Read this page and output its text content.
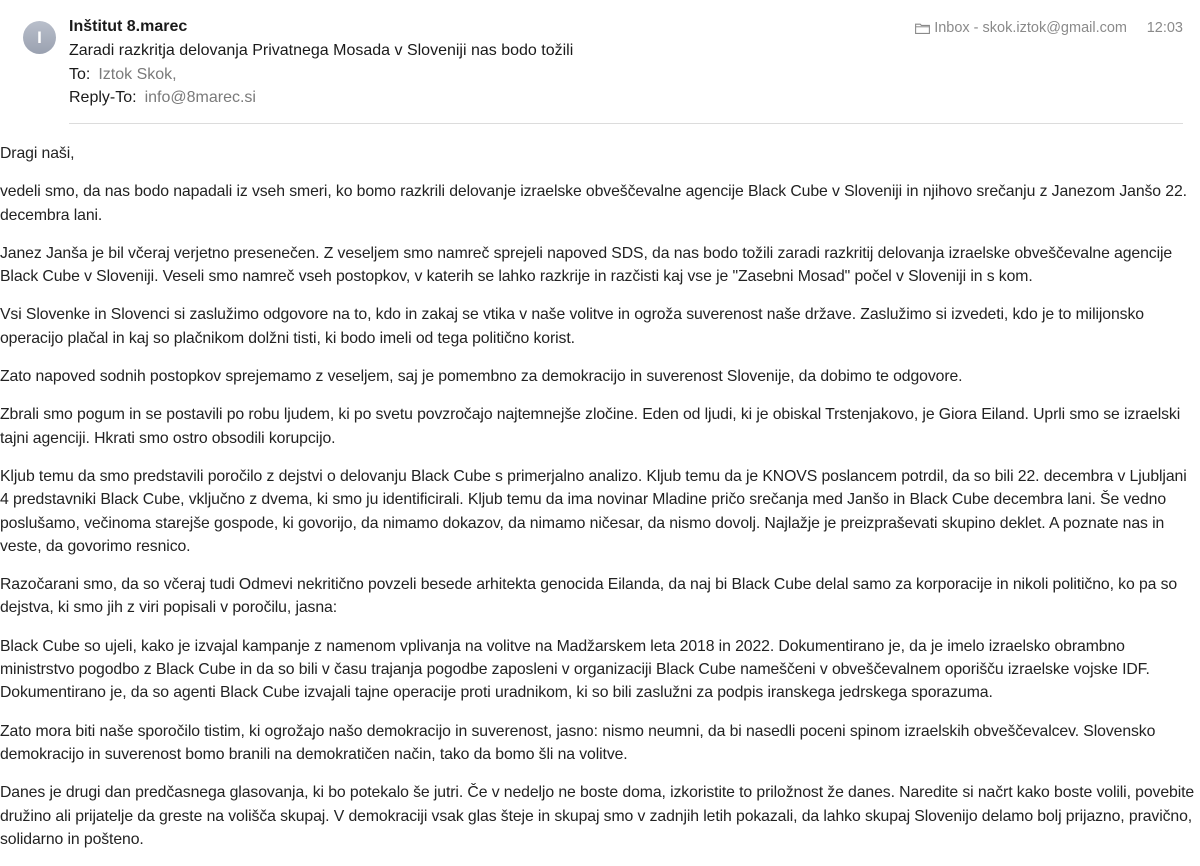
I
Inštitut 8.marec
Zaradi razkritja delovanja Privatnega Mosada v Sloveniji nas bodo tožili
To: Iztok Skok,
Reply-To: info@8marec.si
Inbox - skok.iztok@gmail.com 12:03

Dragi naši,

vedeli smo, da nas bodo napadali iz vseh smeri, ko bomo razkrili delovanje izraelske obveščevalne agencije Black Cube v Sloveniji in njihovo srečanju z Janezom Janšo 22. decembra lani.

Janez Janša je bil včeraj verjetno presenečen. Z veseljem smo namreč sprejeli napoved SDS, da nas bodo tožili zaradi razkritij delovanja izraelske obveščevalne agencije Black Cube v Sloveniji. Veseli smo namreč vseh postopkov, v katerih se lahko razkrije in razčisti kaj vse je "Zasebni Mosad" počel v Sloveniji in s kom.

Vsi Slovenke in Slovenci si zaslužimo odgovore na to, kdo in zakaj se vtika v naše volitve in ogroža suverenost naše države. Zaslužimo si izvedeti, kdo je to milijonsko operacijo plačal in kaj so plačnikom dolžni tisti, ki bodo imeli od tega politično korist.

Zato napoved sodnih postopkov sprejemamo z veseljem, saj je pomembno za demokracijo in suverenost Slovenije, da dobimo te odgovore.

Zbrali smo pogum in se postavili po robu ljudem, ki po svetu povzročajo najtemnejše zločine. Eden od ljudi, ki je obiskal Trstenjakovo, je Giora Eiland. Uprli smo se izraelski tajni agenciji. Hkrati smo ostro obsodili korupcijo.

Kljub temu da smo predstavili poročilo z dejstvi o delovanju Black Cube s primerjalno analizo. Kljub temu da je KNOVS poslancem potrdil, da so bili 22. decembra v Ljubljani 4 predstavniki Black Cube, vključno z dvema, ki smo ju identificirali. Kljub temu da ima novinar Mladine pričo srečanja med Janšo in Black Cube decembra lani. Še vedno poslušamo, večinoma starejše gospode, ki govorijo, da nimamo dokazov, da nimamo ničesar, da nismo dovolj. Najlažje je preizpraševati skupino deklet. A poznate nas in veste, da govorimo resnico.

Razočarani smo, da so včeraj tudi Odmevi nekritično povzeli besede arhitekta genocida Eilanda, da naj bi Black Cube delal samo za korporacije in nikoli politično, ko pa so dejstva, ki smo jih z viri popisali v poročilu, jasna:

Black Cube so ujeli, kako je izvajal kampanje z namenom vplivanja na volitve na Madžarskem leta 2018 in 2022. Dokumentirano je, da je imelo izraelsko obrambno ministrstvo pogodbo z Black Cube in da so bili v času trajanja pogodbe zaposleni v organizaciji Black Cube nameščeni v obveščevalnem oporišču izraelske vojske IDF. Dokumentirano je, da so agenti Black Cube izvajali tajne operacije proti uradnikom, ki so bili zaslužni za podpis iranskega jedrskega sporazuma.

Zato mora biti naše sporočilo tistim, ki ogrožajo našo demokracijo in suverenost, jasno: nismo neumni, da bi nasedli poceni spinom izraelskih obveščevalcev. Slovensko demokracijo in suverenost bomo branili na demokratičen način, tako da bomo šli na volitve.

Danes je drugi dan predčasnega glasovanja, ki bo potekalo še jutri. Če v nedeljo ne boste doma, izkoristite to priložnost že danes. Naredite si načrt kako boste volili, povebite družino ali prijatelje da greste na volišča skupaj. V demokraciji vsak glas šteje in skupaj smo v zadnjih letih pokazali, da lahko skupaj Slovenijo delamo bolj prijazno, pravično, solidarno in pošteno.
